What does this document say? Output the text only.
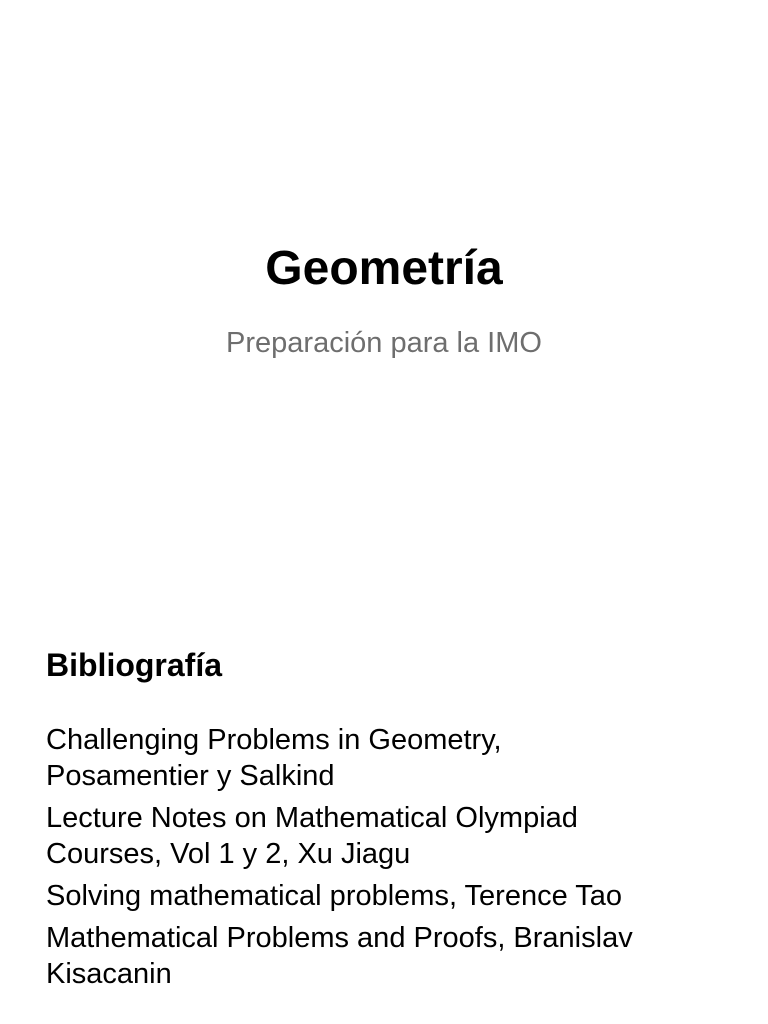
Geometría
Preparación para la IMO
Bibliografía
Challenging Problems in Geometry,
Posamentier y Salkind
Lecture Notes on Mathematical Olympiad
Courses, Vol 1 y 2, Xu Jiagu
Solving mathematical problems, Terence Tao
Mathematical Problems and Proofs, Branislav
Kisacanin
